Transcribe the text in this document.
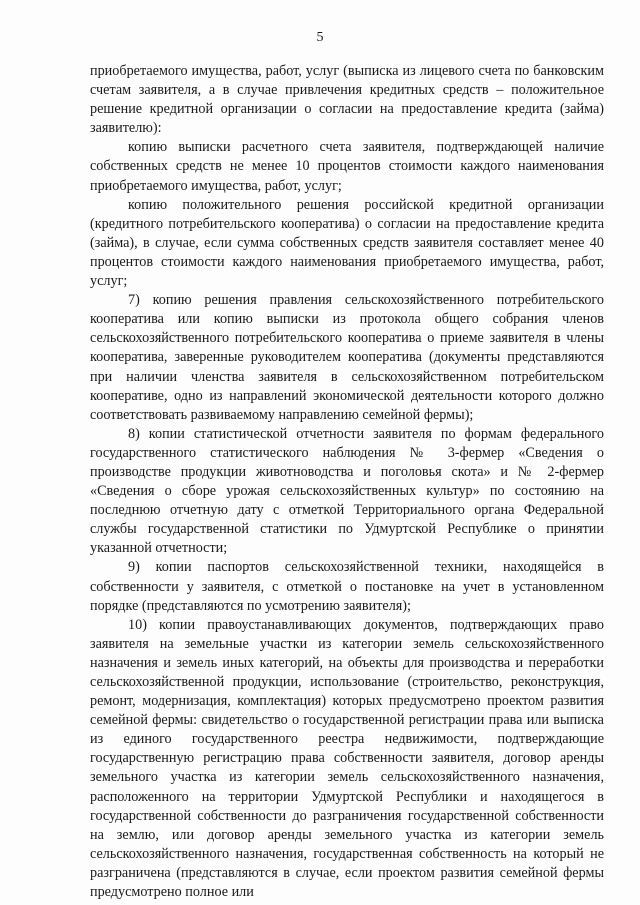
5

приобретаемого имущества, работ, услуг (выписка из лицевого счета по банковским счетам заявителя, а в случае привлечения кредитных средств – положительное решение кредитной организации о согласии на предоставление кредита (займа) заявителю):

копию выписки расчетного счета заявителя, подтверждающей наличие собственных средств не менее 10 процентов стоимости каждого наименования приобретаемого имущества, работ, услуг;

копию положительного решения российской кредитной организации (кредитного потребительского кооператива) о согласии на предоставление кредита (займа), в случае, если сумма собственных средств заявителя составляет менее 40 процентов стоимости каждого наименования приобретаемого имущества, работ, услуг;

7) копию решения правления сельскохозяйственного потребительского кооператива или копию выписки из протокола общего собрания членов сельскохозяйственного потребительского кооператива о приеме заявителя в члены кооператива, заверенные руководителем кооператива (документы представляются при наличии членства заявителя в сельскохозяйственном потребительском кооперативе, одно из направлений экономической деятельности которого должно соответствовать развиваемому направлению семейной фермы);

8) копии статистической отчетности заявителя по формам федерального государственного статистического наблюдения № 3-фермер «Сведения о производстве продукции животноводства и поголовья скота» и № 2-фермер «Сведения о сборе урожая сельскохозяйственных культур» по состоянию на последнюю отчетную дату с отметкой Территориального органа Федеральной службы государственной статистики по Удмуртской Республике о принятии указанной отчетности;

9) копии паспортов сельскохозяйственной техники, находящейся в собственности у заявителя, с отметкой о постановке на учет в установленном порядке (представляются по усмотрению заявителя);

10) копии правоустанавливающих документов, подтверждающих право заявителя на земельные участки из категории земель сельскохозяйственного назначения и земель иных категорий, на объекты для производства и переработки сельскохозяйственной продукции, использование (строительство, реконструкция, ремонт, модернизация, комплектация) которых предусмотрено проектом развития семейной фермы: свидетельство о государственной регистрации права или выписка из единого государственного реестра недвижимости, подтверждающие государственную регистрацию права собственности заявителя, договор аренды земельного участка из категории земель сельскохозяйственного назначения, расположенного на территории Удмуртской Республики и находящегося в государственной собственности до разграничения государственной собственности на землю, или договор аренды земельного участка из категории земель сельскохозяйственного назначения, государственная собственность на который не разграничена (представляются в случае, если проектом развития семейной фермы предусмотрено полное или
